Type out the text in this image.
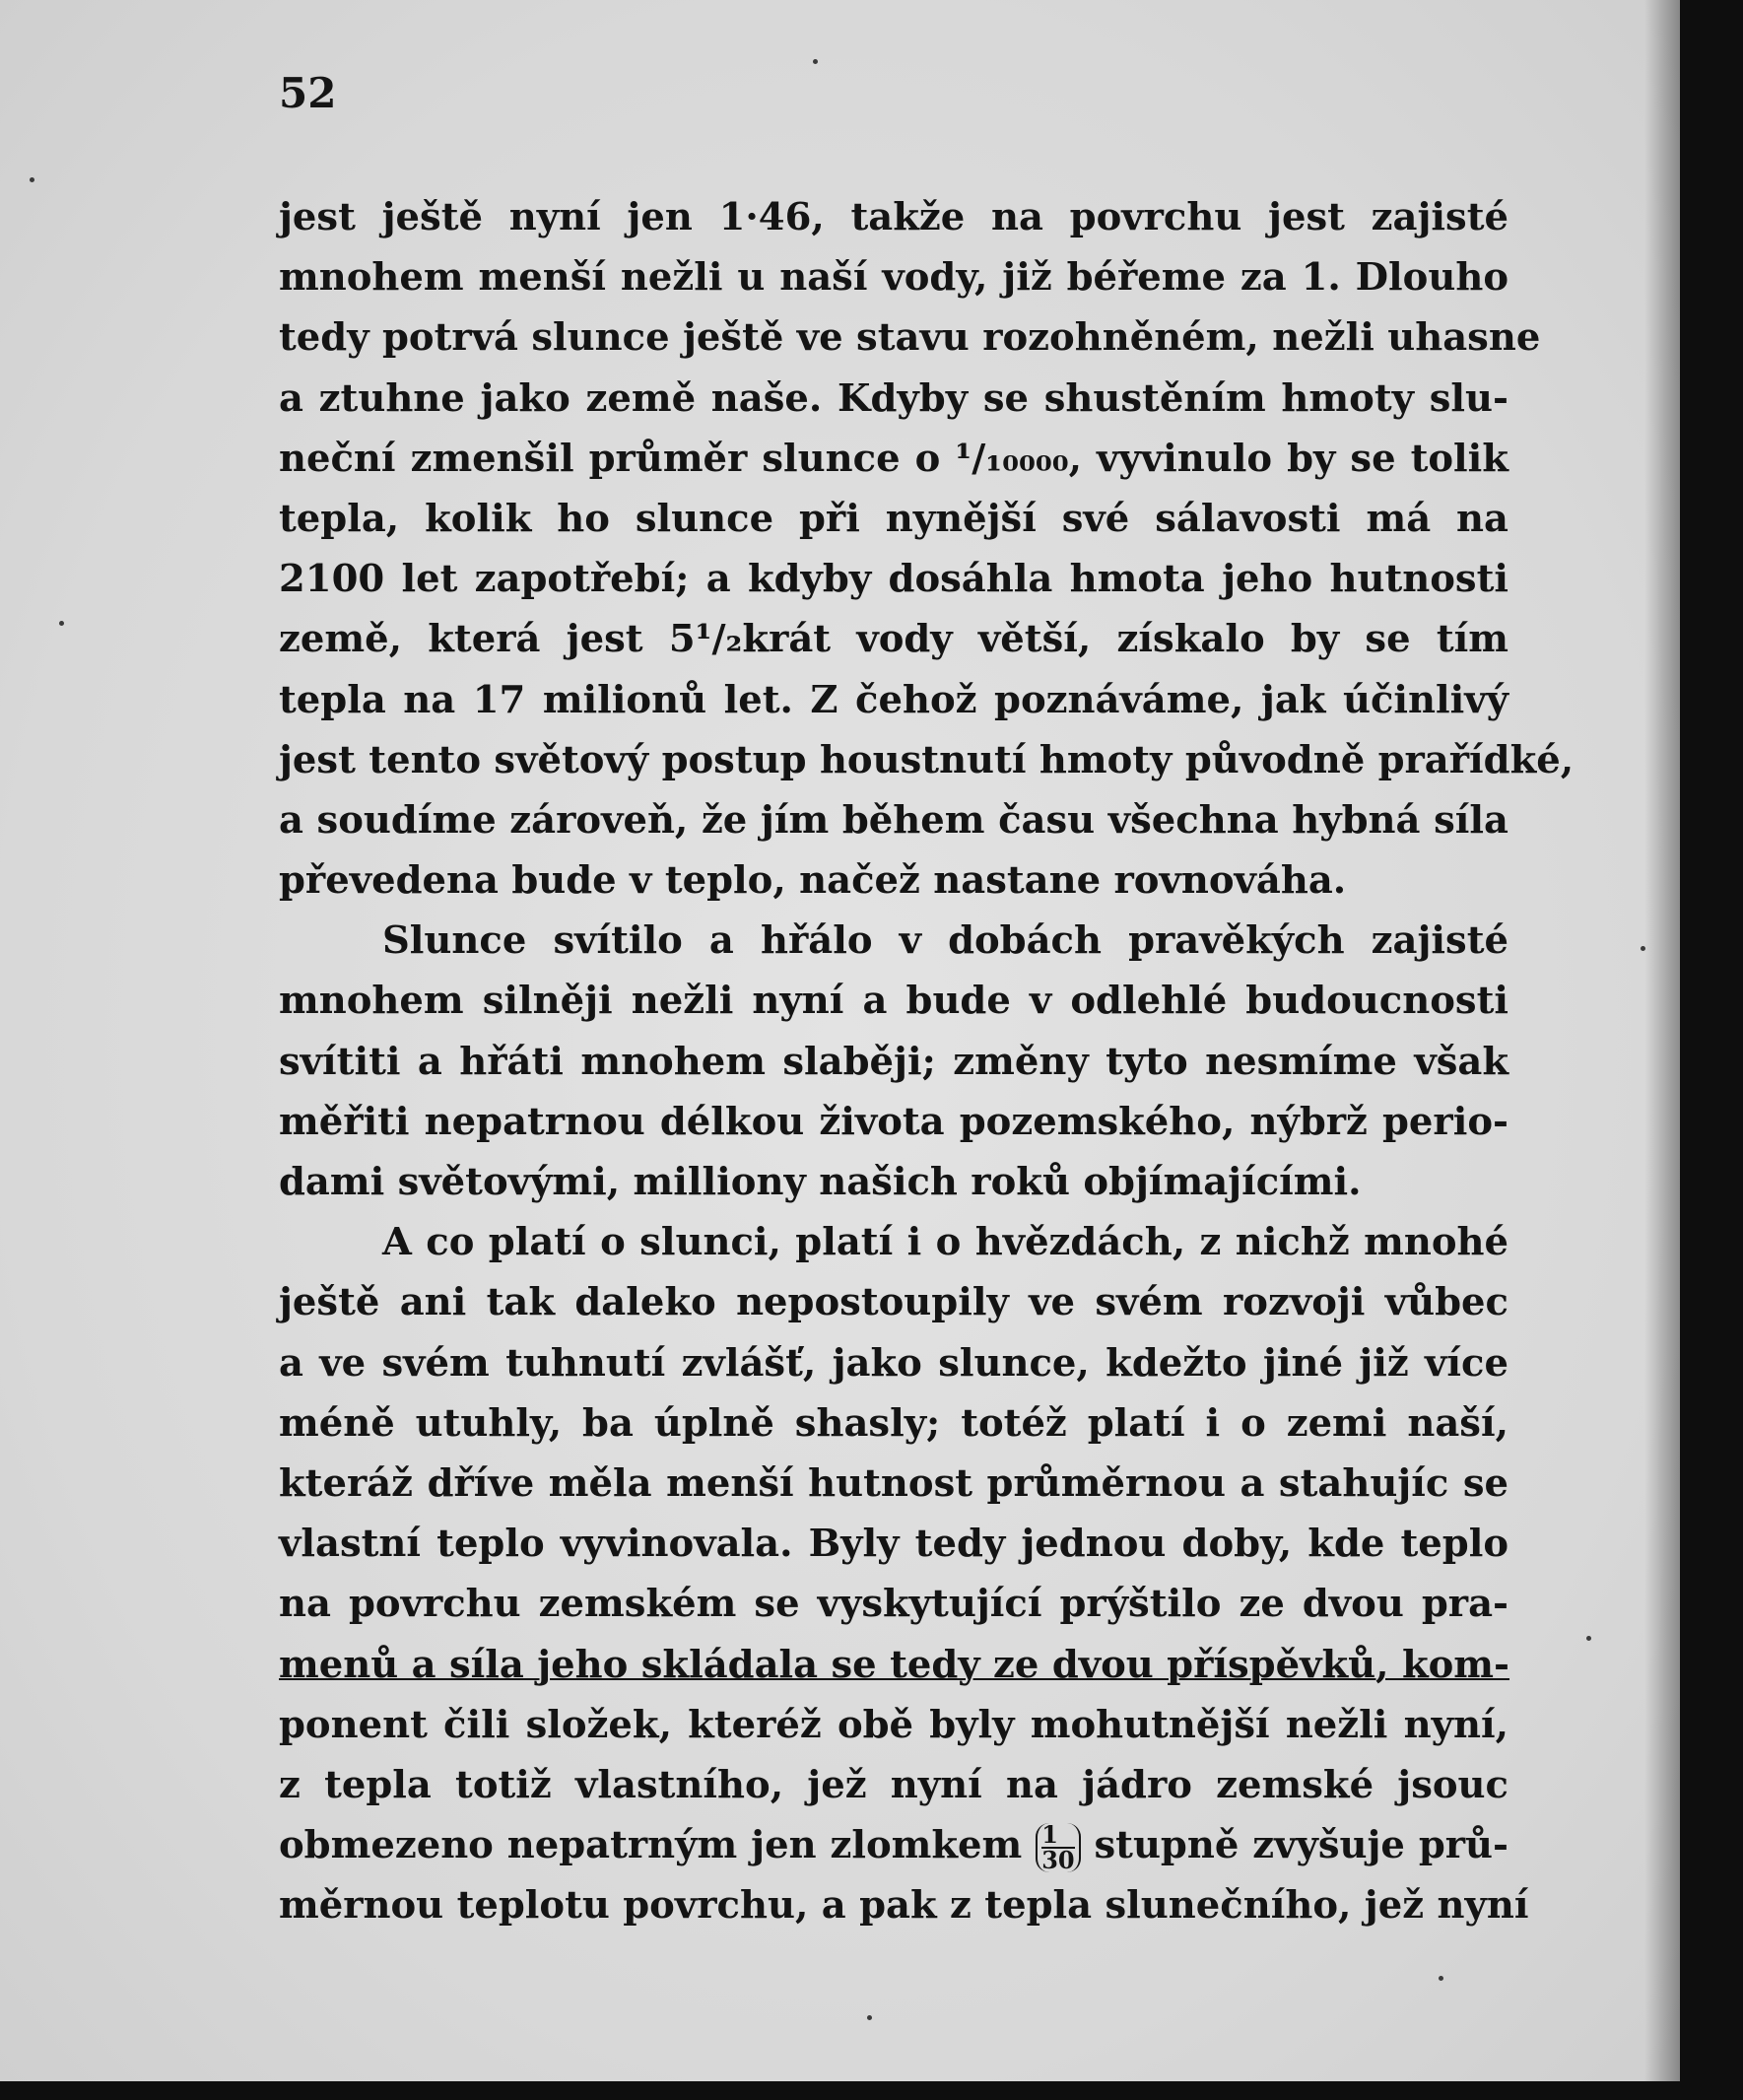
52
jest ještě nyní jen 1·46, takže na povrchu jest zajisté
mnohem menší nežli u naší vody, již béřeme za 1. Dlouho
tedy potrvá slunce ještě ve stavu rozohněném, nežli uhasne
a ztuhne jako země naše. Kdyby se shustěním hmoty slu-
neční zmenšil průměr slunce o ¹/₁₀₀₀₀, vyvinulo by se tolik
tepla, kolik ho slunce při nynější své sálavosti má na
2100 let zapotřebí; a kdyby dosáhla hmota jeho hutnosti
země, která jest 5¹/₂krát vody větší, získalo by se tím
tepla na 17 milionů let. Z čehož poznáváme, jak účinlivý
jest tento světový postup houstnutí hmoty původně prařídké,
a soudíme zároveň, že jím během času všechna hybná síla
převedena bude v teplo, načež nastane rovnováha.
Slunce svítilo a hřálo v dobách pravěkých zajisté
mnohem silněji nežli nyní a bude v odlehlé budoucnosti
svítiti a hřáti mnohem slaběji; změny tyto nesmíme však
měřiti nepatrnou délkou života pozemského, nýbrž perio-
dami světovými, milliony našich roků objímajícími.
A co platí o slunci, platí i o hvězdách, z nichž mnohé
ještě ani tak daleko nepostoupily ve svém rozvoji vůbec
a ve svém tuhnutí zvlášť, jako slunce, kdežto jiné již více
méně utuhly, ba úplně shasly; totéž platí i o zemi naší,
kteráž dříve měla menší hutnost průměrnou a stahujíc se
vlastní teplo vyvinovala. Byly tedy jednou doby, kde teplo
na povrchu zemském se vyskytující prýštilo ze dvou pra-
menů a síla jeho skládala se tedy ze dvou příspěvků, kom-
ponent čili složek, kteréž obě byly mohutnější nežli nyní,
z tepla totiž vlastního, jež nyní na jádro zemské jsouc
obmezeno nepatrným jen zlomkem $\frac{1}{30}$ stupně zvyšuje prů-
měrnou teplotu povrchu, a pak z tepla slunečního, jež nyní
